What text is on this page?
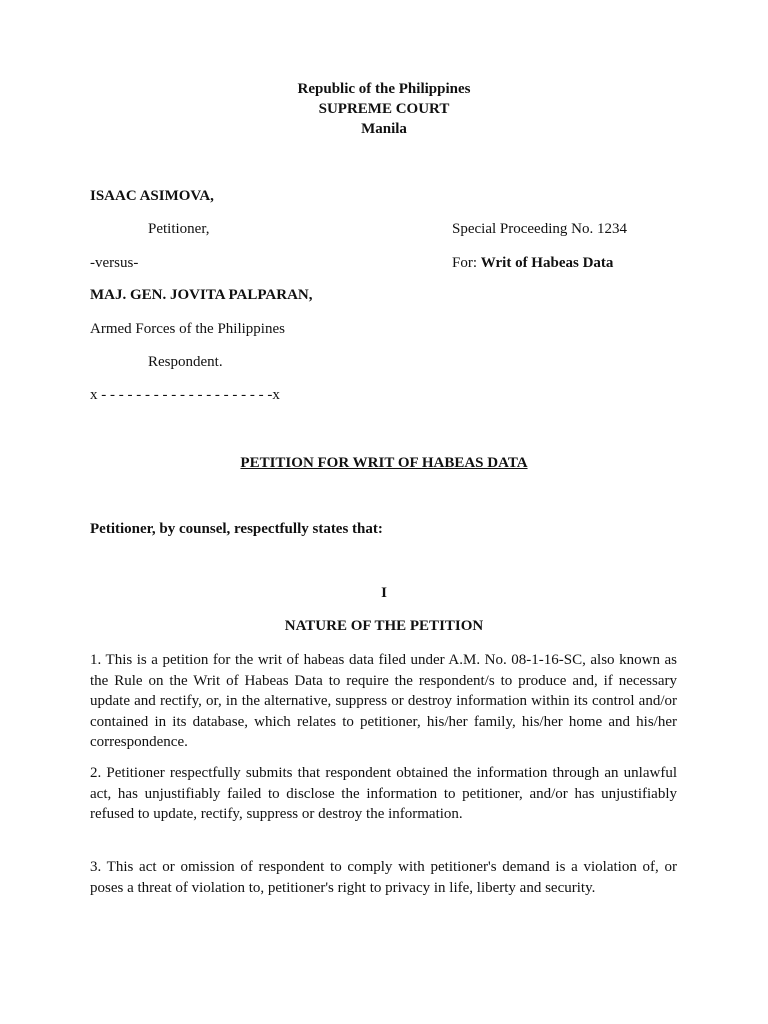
Republic of the Philippines
SUPREME COURT
Manila
ISAAC ASIMOVA,
Petitioner,	Special Proceeding No. 1234
-versus-	For: Writ of Habeas Data
MAJ. GEN. JOVITA PALPARAN,
Armed Forces of the Philippines
Respondent.
x - - - - - - - - - - - - - - - - - - - -x
PETITION FOR WRIT OF HABEAS DATA
Petitioner, by counsel, respectfully states that:
I
NATURE OF THE PETITION
1. This is a petition for the writ of habeas data filed under A.M. No. 08-1-16-SC, also known as the Rule on the Writ of Habeas Data to require the respondent/s to produce and, if necessary update and rectify, or, in the alternative, suppress or destroy information within its control and/or contained in its database, which relates to petitioner, his/her family, his/her home and his/her correspondence.
2. Petitioner respectfully submits that respondent obtained the information through an unlawful act, has unjustifiably failed to disclose the information to petitioner, and/or has unjustifiably refused to update, rectify, suppress or destroy the information.
3. This act or omission of respondent to comply with petitioner's demand is a violation of, or poses a threat of violation to, petitioner's right to privacy in life, liberty and security.
